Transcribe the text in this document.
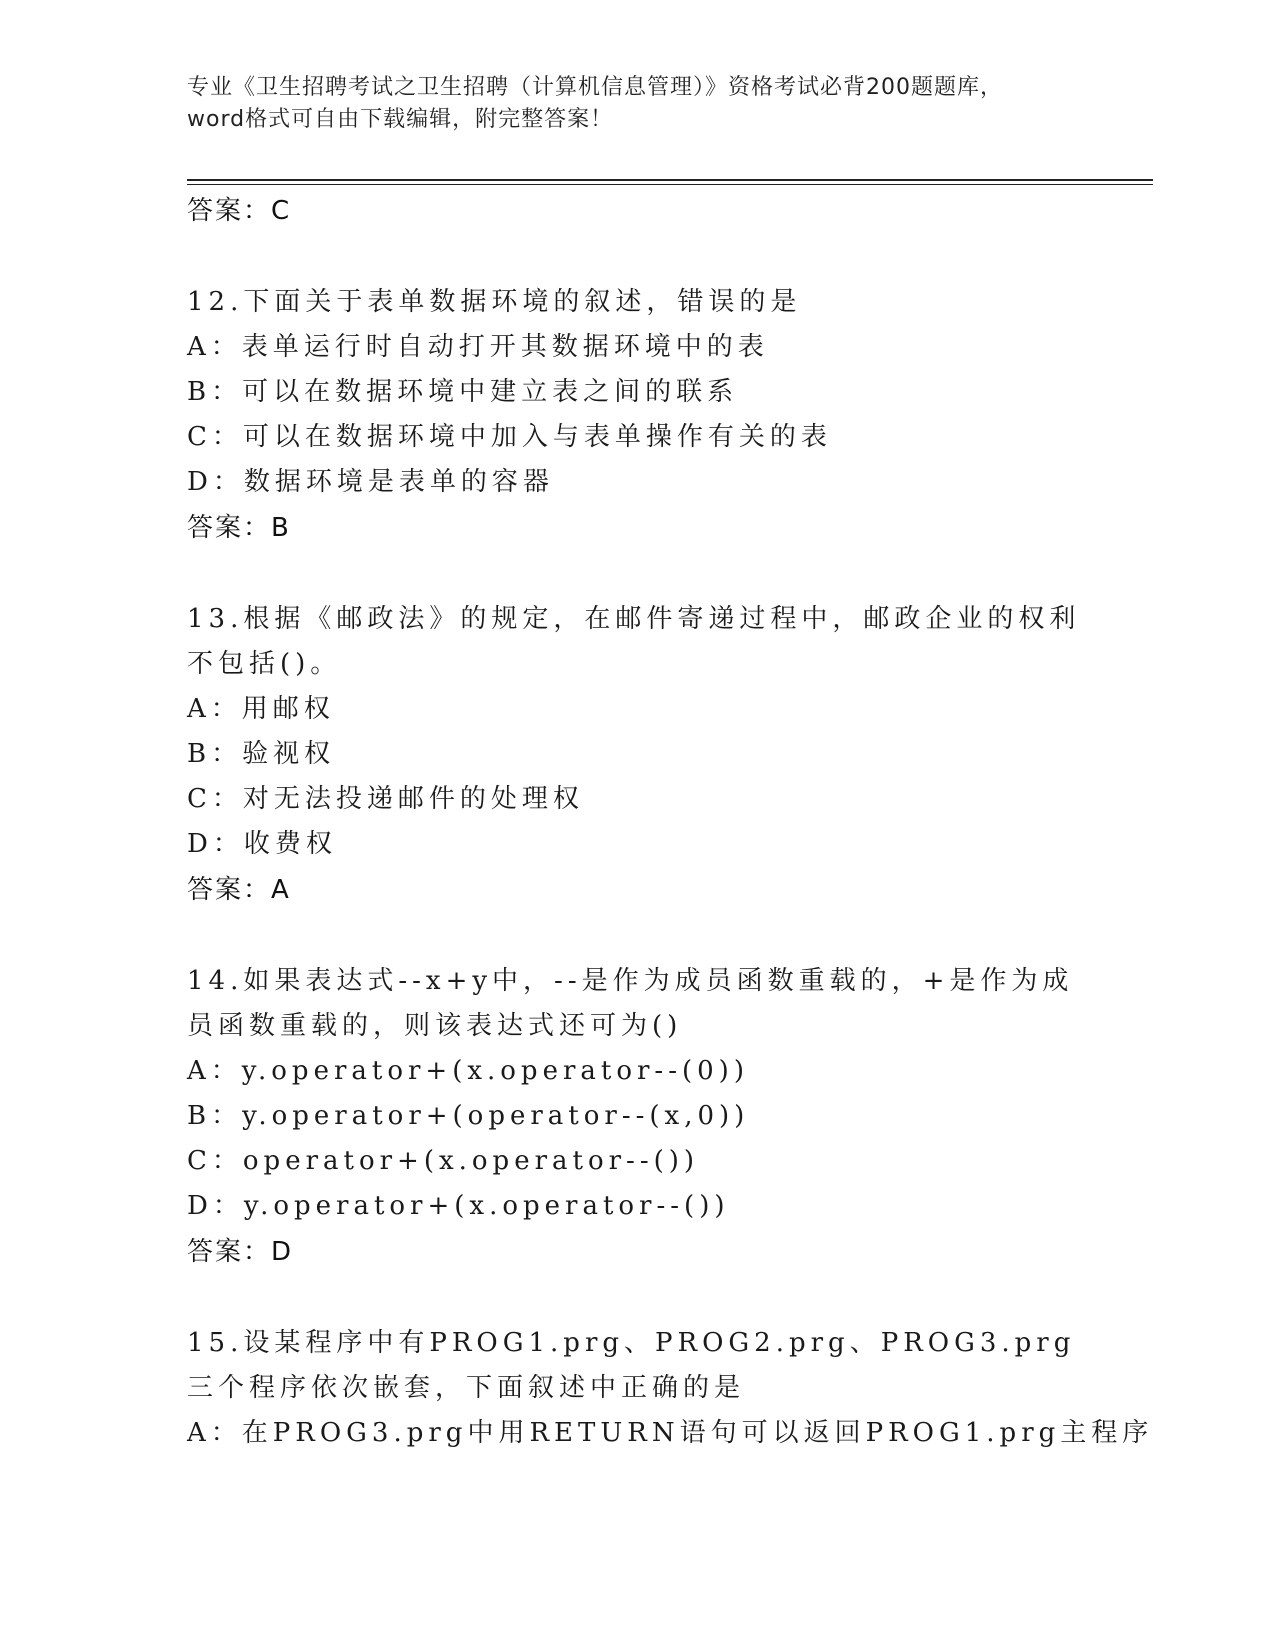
专业《卫生招聘考试之卫生招聘（计算机信息管理）》资格考试必背200题题库，
word格式可自由下载编辑，附完整答案！
答案：C
12.下面关于表单数据环境的叙述，错误的是
A：表单运行时自动打开其数据环境中的表
B：可以在数据环境中建立表之间的联系
C：可以在数据环境中加入与表单操作有关的表
D：数据环境是表单的容器
答案：B
13.根据《邮政法》的规定，在邮件寄递过程中，邮政企业的权利不包括()。
A：用邮权
B：验视权
C：对无法投递邮件的处理权
D：收费权
答案：A
14.如果表达式--x+y中，--是作为成员函数重载的，+是作为成员函数重载的，则该表达式还可为()
A：y.operator+(x.operator--(0))
B：y.operator+(operator--(x,0))
C：operator+(x.operator--())
D：y.operator+(x.operator--())
答案：D
15.设某程序中有PROG1.prg、PROG2.prg、PROG3.prg三个程序依次嵌套，下面叙述中正确的是
A：在PROG3.prg中用RETURN语句可以返回PROG1.prg主程序
